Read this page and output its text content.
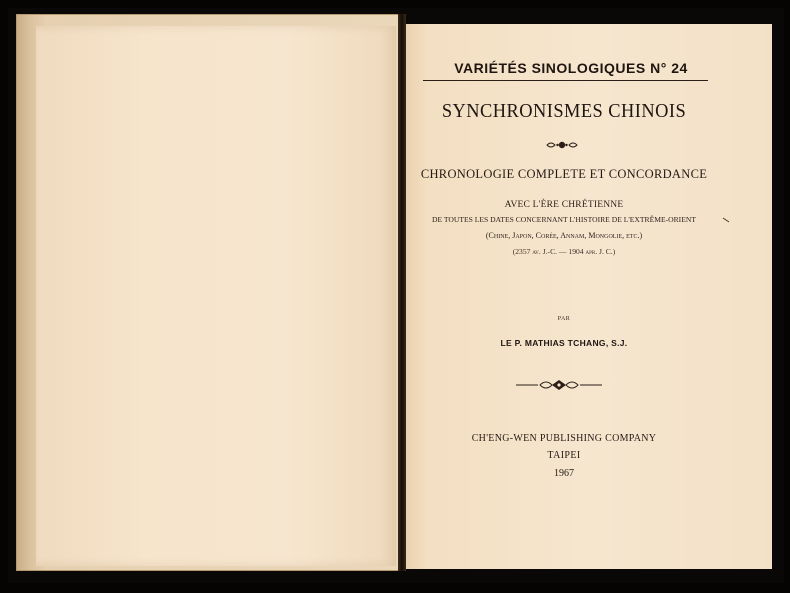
VARIÉTÉS SINOLOGIQUES N° 24
SYNCHRONISMES CHINOIS
CHRONOLOGIE COMPLETE ET CONCORDANCE
AVEC L'ÈRE CHRÉTIENNE
DE TOUTES LES DATES CONCERNANT L'HISTOIRE DE L'EXTRÊME-ORIENT
(Chine, Japon, Corée, Annam, Mongolie, etc.)
(2357 av. J.-C. — 1904 apr. J. C.)
PAR
LE P. MATHIAS TCHANG, S.J.
CH'ENG-WEN PUBLISHING COMPANY
TAIPEI
1967
